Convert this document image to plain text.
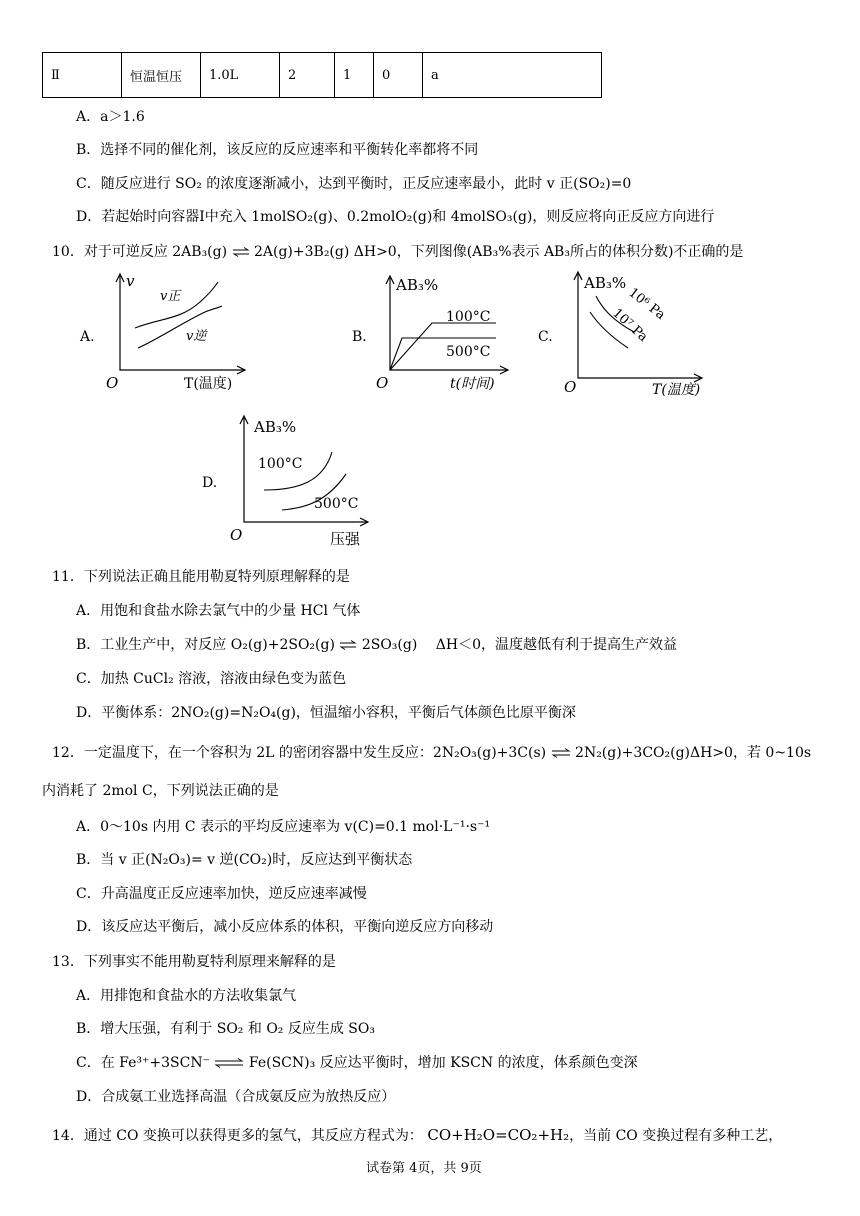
Ⅱ	恒温恒压	1.0L	2	1	0	a
A．a＞1.6
B．选择不同的催化剂，该反应的反应速率和平衡转化率都将不同
C．随反应进行 SO₂ 的浓度逐渐减小，达到平衡时，正反应速率最小，此时 v 正(SO₂)=0
D．若起始时向容器Ⅰ中充入 1molSO₂(g)、0.2molO₂(g)和 4molSO₃(g)，则反应将向正反应方向进行
10．对于可逆反应 2AB₃(g) ⇌ 2A(g)+3B₂(g) ΔH>0，下列图像(AB₃%表示 AB₃所占的体积分数)不正确的是
A.	B.	C.
D.
v
v正
v逆
O	T(温度)
AB₃%
100°C
500°C
O	t(时间)
AB₃%
10⁶ Pa
10⁷ Pa
O	T(温度)
AB₃%
100°C
500°C
O	压强
11．下列说法正确且能用勒夏特列原理解释的是
A．用饱和食盐水除去氯气中的少量 HCl 气体
B．工业生产中，对反应 O₂(g)+2SO₂(g) ⇌ 2SO₃(g)　 ΔH＜0，温度越低有利于提高生产效益
C．加热 CuCl₂ 溶液，溶液由绿色变为蓝色
D．平衡体系：2NO₂(g)=N₂O₄(g)，恒温缩小容积，平衡后气体颜色比原平衡深
12．一定温度下，在一个容积为 2L 的密闭容器中发生反应：2N₂O₃(g)+3C(s) ⇌ 2N₂(g)+3CO₂(g)ΔH>0，若 0~10s
内消耗了 2mol C，下列说法正确的是
A．0～10s 内用 C 表示的平均反应速率为 v(C)=0.1 mol·L⁻¹·s⁻¹
B．当 v 正(N₂O₃)= v 逆(CO₂)时，反应达到平衡状态
C．升高温度正反应速率加快，逆反应速率减慢
D．该反应达平衡后，减小反应体系的体积，平衡向逆反应方向移动
13．下列事实不能用勒夏特利原理来解释的是
A．用排饱和食盐水的方法收集氯气
B．增大压强，有利于 SO₂ 和 O₂ 反应生成 SO₃
C．在 Fe³⁺+3SCN⁻ ⇌ Fe(SCN)₃ 反应达平衡时，增加 KSCN 的浓度，体系颜色变深
D．合成氨工业选择高温（合成氨反应为放热反应）
14．通过 CO 变换可以获得更多的氢气，其反应方程式为： CO+H₂O=CO₂+H₂，当前 CO 变换过程有多种工艺，
试卷第 4页，共 9页
